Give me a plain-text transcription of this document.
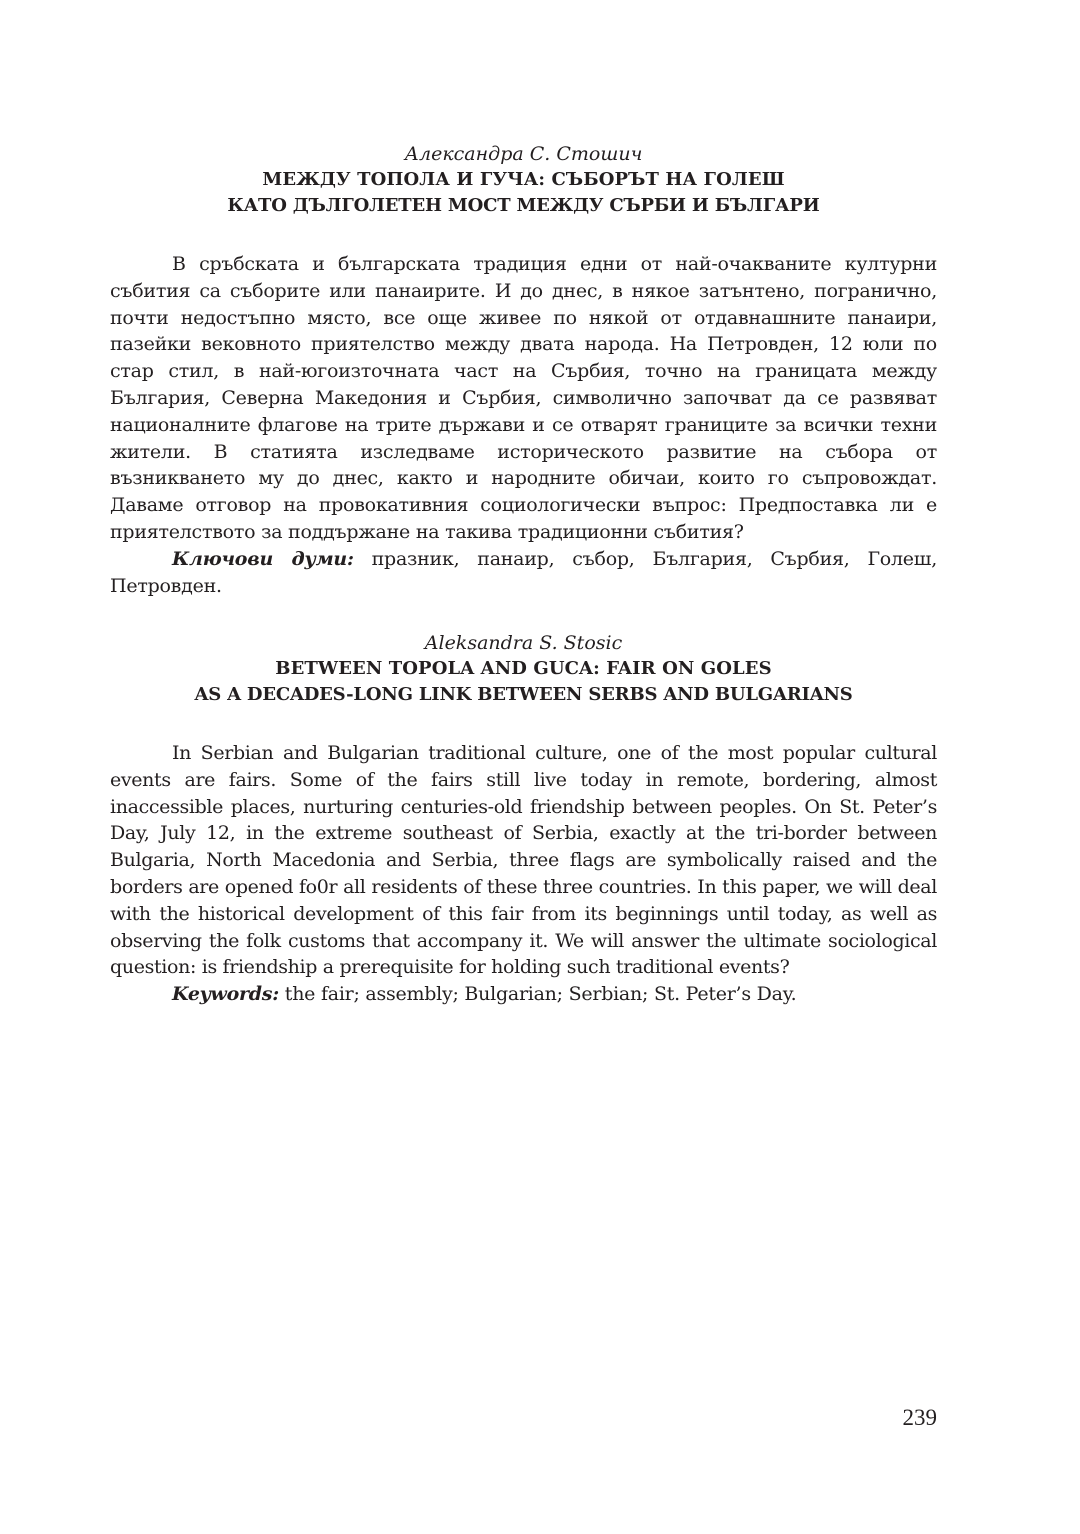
Александра С. Стошич
МЕЖДУ ТОПОЛА И ГУЧА: СЪБОРЪТ НА ГОЛЕШ
КАТО ДЪЛГОЛЕТЕН МОСТ МЕЖДУ СЪРБИ И БЪЛГАРИ

В сръбската и българската традиция едни от най-очакваните културни събития са съборите или панаирите. И до днес, в някое затънтено, погранично, почти недостъпно място, все още живее по някой от отдавнашните панаири, пазейки вековното приятелство между двата народа. На Петровден, 12 юли по стар стил, в най-югоизточната част на Сърбия, точно на границата между България, Северна Македония и Сърбия, символично започват да се развяват националните флагове на трите държави и се отварят границите за всички техни жители. В статията изследваме историческото развитие на събора от възникването му до днес, както и народните обичаи, които го съпровождат. Даваме отговор на провокативния социологически въпрос: Предпоставка ли е приятелството за поддържане на такива традиционни събития?

Ключови думи: празник, панаир, събор, България, Сърбия, Голеш, Петровден.

Aleksandra S. Stosic
BETWEEN TOPOLA AND GUCA: FAIR ON GOLES
AS A DECADES-LONG LINK BETWEEN SERBS AND BULGARIANS

In Serbian and Bulgarian traditional culture, one of the most popular cultural events are fairs. Some of the fairs still live today in remote, bordering, almost inaccessible places, nurturing centuries-old friendship between peoples. On St. Peter’s Day, July 12, in the extreme southeast of Serbia, exactly at the tri-border between Bulgaria, North Macedonia and Serbia, three flags are symbolically raised and the borders are opened fo0r all residents of these three countries. In this paper, we will deal with the historical development of this fair from its beginnings until today, as well as observing the folk customs that accompany it. We will answer the ultimate sociological question: is friendship a prerequisite for holding such traditional events?

Keywords: the fair; assembly; Bulgarian; Serbian; St. Peter’s Day.

239
